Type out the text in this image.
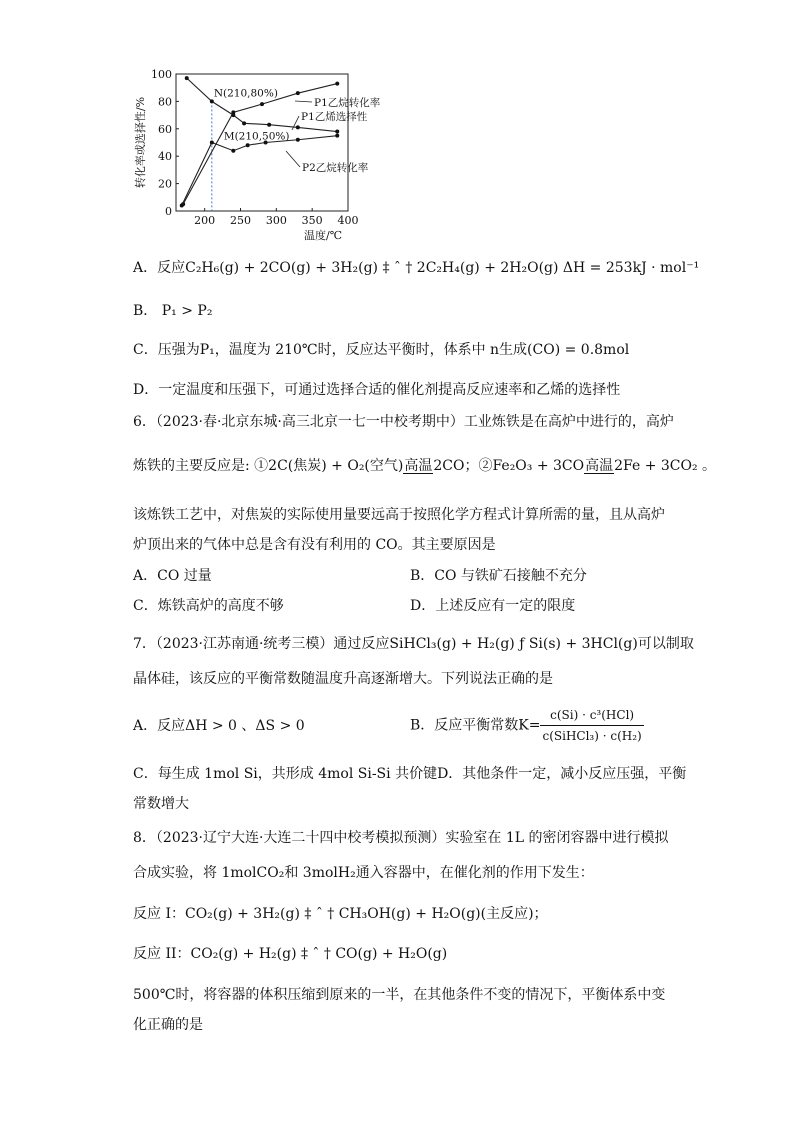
0
20
40
60
80
100
200 250 300 350 400
温度/℃
转化率或选择性/%
N(210,80%)
M(210,50%)
P1乙烷转化率
P1乙烯选择性
P2乙烷转化率
A．反应C₂H₆(g) + 2CO(g) + 3H₂(g) ‡ ˆ † 2C₂H₄(g) + 2H₂O(g) ΔH = 253kJ · mol⁻¹
B． P₁ > P₂
C．压强为P₁，温度为 210℃时，反应达平衡时，体系中 n生成(CO) = 0.8mol
D．一定温度和压强下，可通过选择合适的催化剂提高反应速率和乙烯的选择性
6．（2023·春·北京东城·高三北京一七一中校考期中）工业炼铁是在高炉中进行的，高炉
炼铁的主要反应是: ①2C(焦炭) + O₂(空气) 高温 2CO；②Fe₂O₃ + 3CO 高温 2Fe + 3CO₂ 。
该炼铁工艺中，对焦炭的实际使用量要远高于按照化学方程式计算所需的量，且从高炉
炉顶出来的气体中总是含有没有利用的 CO。其主要原因是
A．CO 过量	B．CO 与铁矿石接触不充分
C．炼铁高炉的高度不够	D．上述反应有一定的限度
7．（2023·江苏南通·统考三模）通过反应SiHCl₃(g) + H₂(g) ƒ Si(s) + 3HCl(g)可以制取
晶体硅，该反应的平衡常数随温度升高逐渐增大。下列说法正确的是
A．反应ΔH > 0 、ΔS > 0	B．反应平衡常数$K= \frac{\text{c(Si) · c³(HCl)}}{\text{c(SiHCl₃) · c(H₂)}}$
C．每生成 1mol Si，共形成 4mol Si-Si 共价键D．其他条件一定，减小反应压强，平衡
常数增大
8．（2023·辽宁大连·大连二十四中校考模拟预测）实验室在 1L 的密闭容器中进行模拟
合成实验，将 1molCO₂和 3molH₂通入容器中，在催化剂的作用下发生：
反应 I：CO₂(g) + 3H₂(g) ‡ ˆ † CH₃OH(g) + H₂O(g)(主反应)；
反应 II：CO₂(g) + H₂(g) ‡ ˆ † CO(g) + H₂O(g)
500℃时，将容器的体积压缩到原来的一半，在其他条件不变的情况下，平衡体系中变
化正确的是
